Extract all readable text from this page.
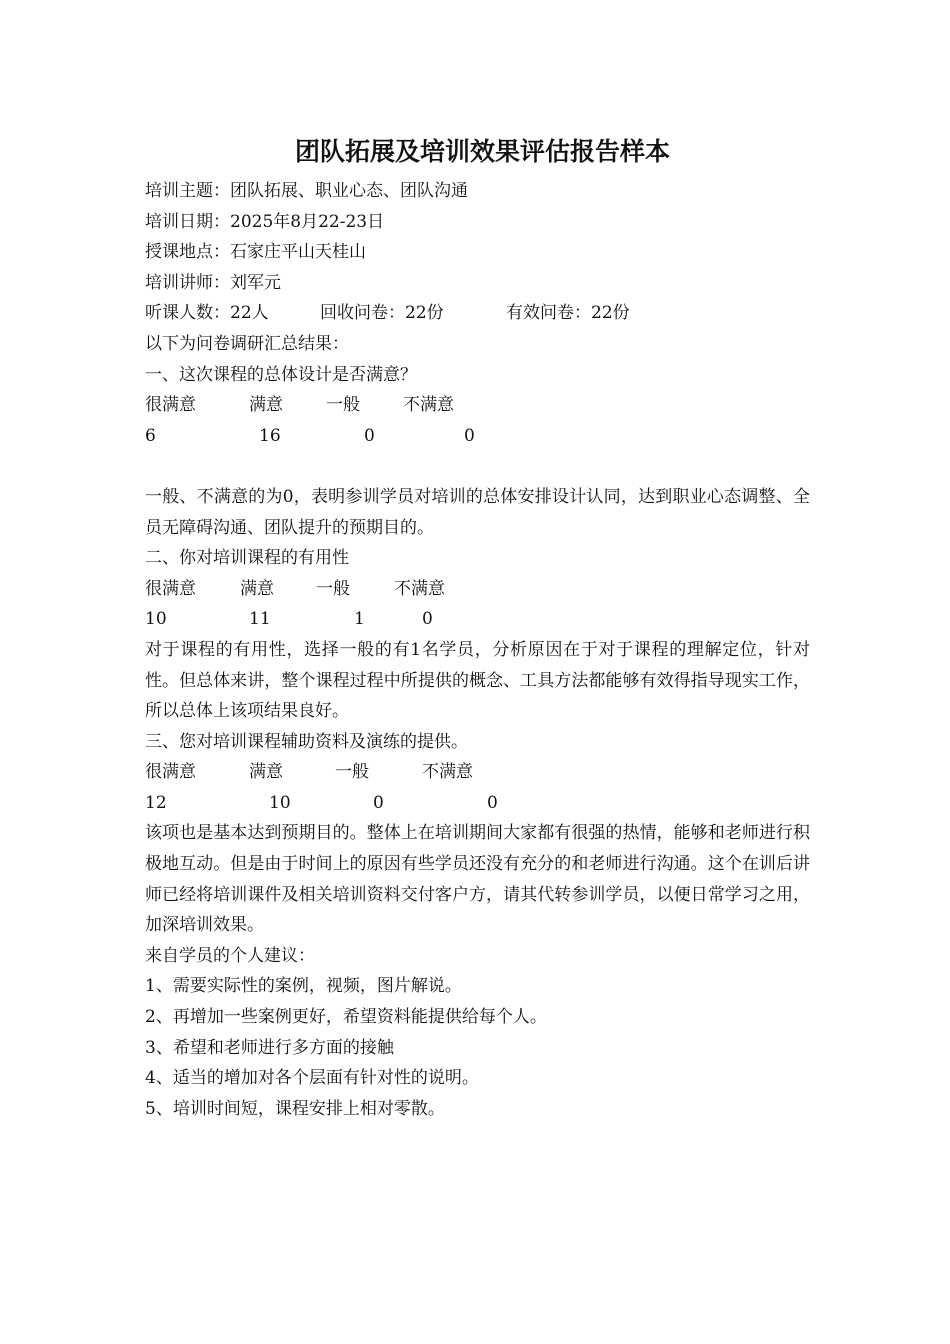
团队拓展及培训效果评估报告样本
培训主题：团队拓展、职业心态、团队沟通
培训日期：2025年8月22-23日
授课地点：石家庄平山天桂山
培训讲师：刘军元
听课人数：22人	回收问卷：22份	有效问卷：22份
以下为问卷调研汇总结果：
一、这次课程的总体设计是否满意？
很满意	满意	一般	不满意
6	16	0	0
一般、不满意的为0，表明参训学员对培训的总体安排设计认同，达到职业心态调整、全员无障碍沟通、团队提升的预期目的。
二、你对培训课程的有用性
很满意	满意	一般	不满意
10	11	1	0
对于课程的有用性，选择一般的有1名学员，分析原因在于对于课程的理解定位，针对性。但总体来讲，整个课程过程中所提供的概念、工具方法都能够有效得指导现实工作，所以总体上该项结果良好。
三、您对培训课程辅助资料及演练的提供。
很满意	满意	一般	不满意
12	10	0	0
该项也是基本达到预期目的。整体上在培训期间大家都有很强的热情，能够和老师进行积极地互动。但是由于时间上的原因有些学员还没有充分的和老师进行沟通。这个在训后讲师已经将培训课件及相关培训资料交付客户方，请其代转参训学员，以便日常学习之用，加深培训效果。
来自学员的个人建议：
1、需要实际性的案例，视频，图片解说。
2、再增加一些案例更好，希望资料能提供给每个人。
3、希望和老师进行多方面的接触
4、适当的增加对各个层面有针对性的说明。
5、培训时间短，课程安排上相对零散。
